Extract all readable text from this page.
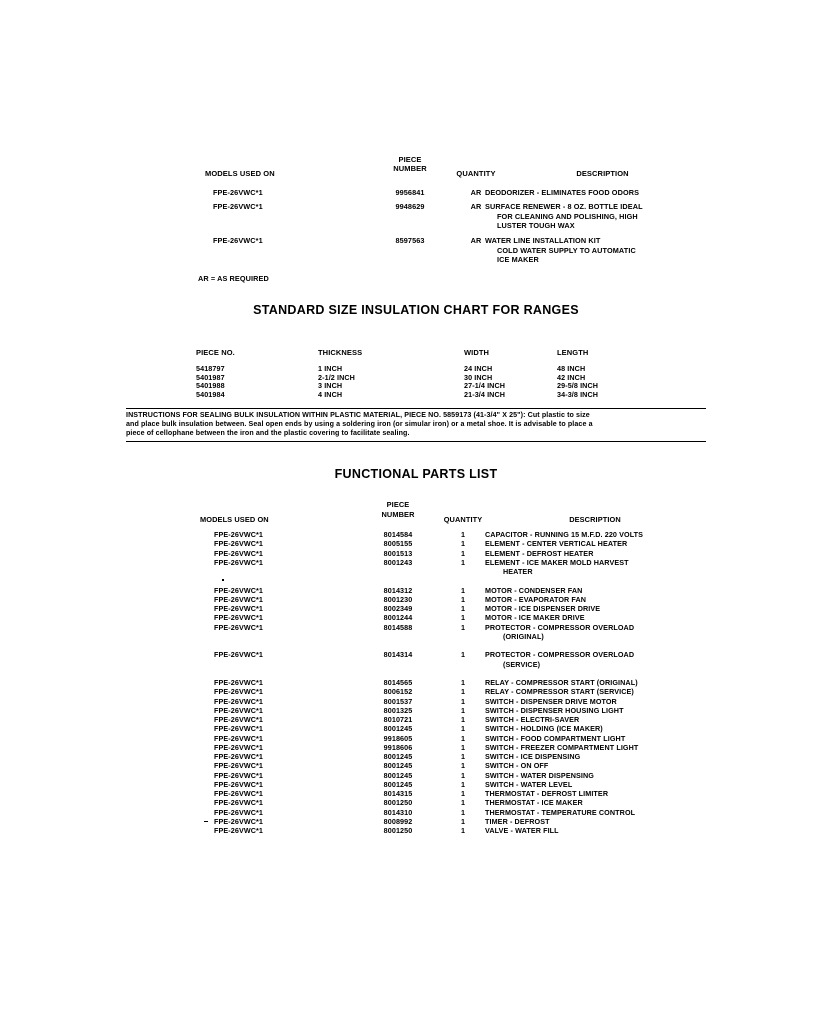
MODELS USED ON
PIECE
NUMBER
QUANTITY	DESCRIPTION
FPE-26VWC*1	9956841	AR DEODORIZER - ELIMINATES FOOD ODORS
FPE-26VWC*1	9948629	AR SURFACE RENEWER - 8 OZ. BOTTLE IDEAL
FOR CLEANING AND POLISHING, HIGH
LUSTER TOUGH WAX
FPE-26VWC*1	8597563	AR WATER LINE INSTALLATION KIT
COLD WATER SUPPLY TO AUTOMATIC
ICE MAKER
AR = AS REQUIRED
STANDARD SIZE INSULATION CHART FOR RANGES
PIECE NO.	THICKNESS	WIDTH	LENGTH
5418797	1 INCH	24 INCH	48 INCH
5401987	2-1/2 INCH	30 INCH	42 INCH
5401988	3 INCH	27-1/4 INCH	29-5/8 INCH
5401984	4 INCH	21-3/4 INCH	34-3/8 INCH

INSTRUCTIONS FOR SEALING BULK INSULATION WITHIN PLASTIC MATERIAL, PIECE NO. 5859173 (41-3/4" X 25"): Cut plastic to size

and place bulk insulation between. Seal open ends by using a soldering iron (or simular iron) or a metal shoe. It is advisable to place a

piece of cellophane between the iron and the plastic covering to facilitate sealing.

FUNCTIONAL PARTS LIST
MODELS USED ON
PIECE
NUMBER
QUANTITY	DESCRIPTION
FPE-26VWC*1	8014584	1	CAPACITOR - RUNNING 15 M.F.D. 220 VOLTS
FPE-26VWC*1	8005155	1	ELEMENT - CENTER VERTICAL HEATER
FPE-26VWC*1	8001513	1	ELEMENT - DEFROST HEATER
FPE-26VWC*1	8001243	1	ELEMENT - ICE MAKER MOLD HARVEST
HEATER
FPE-26VWC*1	8014312	1	MOTOR - CONDENSER FAN
FPE-26VWC*1	8001230	1	MOTOR - EVAPORATOR FAN
FPE-26VWC*1	8002349	1	MOTOR - ICE DISPENSER DRIVE
FPE-26VWC*1	8001244	1	MOTOR - ICE MAKER DRIVE
FPE-26VWC*1	8014588	1	PROTECTOR - COMPRESSOR OVERLOAD
(ORIGINAL)
FPE-26VWC*1	8014314	1	PROTECTOR - COMPRESSOR OVERLOAD
(SERVICE)
FPE-26VWC*1	8014565	1	RELAY - COMPRESSOR START (ORIGINAL)
FPE-26VWC*1	8006152	1	RELAY - COMPRESSOR START (SERVICE)
FPE-26VWC*1	8001537	1	SWITCH - DISPENSER DRIVE MOTOR
FPE-26VWC*1	8001325	1	SWITCH - DISPENSER HOUSING LIGHT
FPE-26VWC*1	8010721	1	SWITCH - ELECTRI-SAVER
FPE-26VWC*1	8001245	1	SWITCH - HOLDING (ICE MAKER)
FPE-26VWC*1	9918605	1	SWITCH - FOOD COMPARTMENT LIGHT
FPE-26VWC*1	9918606	1	SWITCH - FREEZER COMPARTMENT LIGHT
FPE-26VWC*1	8001245	1	SWITCH - ICE DISPENSING
FPE-26VWC*1	8001245	1	SWITCH - ON OFF
FPE-26VWC*1	8001245	1	SWITCH - WATER DISPENSING
FPE-26VWC*1	8001245	1	SWITCH - WATER LEVEL
FPE-26VWC*1	8014315	1	THERMOSTAT - DEFROST LIMITER
FPE-26VWC*1	8001250	1	THERMOSTAT - ICE MAKER
FPE-26VWC*1	8014310	1	THERMOSTAT - TEMPERATURE CONTROL
FPE-26VWC*1	8008992	1	TIMER - DEFROST
FPE-26VWC*1	8001250	1	VALVE - WATER FILL
